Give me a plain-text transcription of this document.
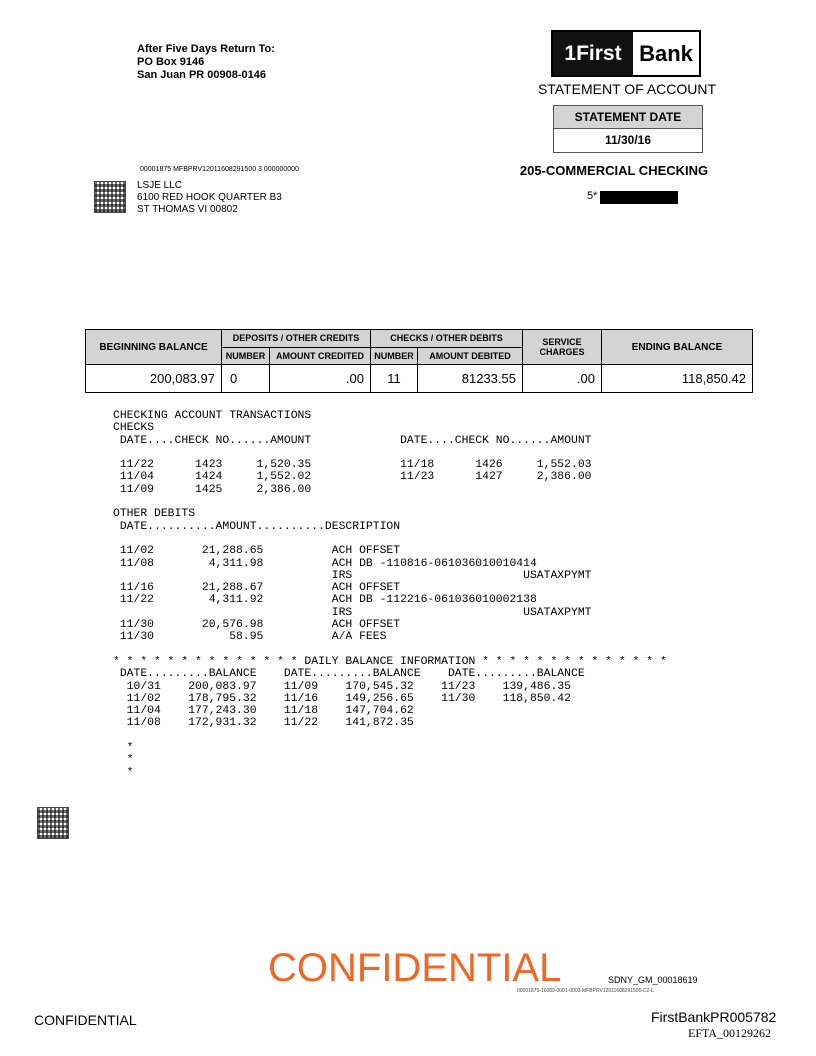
After Five Days Return To:
PO Box 9146
San Juan PR 00908-0146
1First Bank
STATEMENT OF ACCOUNT
STATEMENT DATE
11/30/16
205-COMMERCIAL CHECKING
5*
00001875 MFBPRV12011608291500 3 000000000
LSJE LLC
6100 RED HOOK QUARTER B3
ST THOMAS VI 00802
BEGINNING BALANCE	DEPOSITS / OTHER CREDITS		CHECKS / OTHER DEBITS		SERVICE CHARGES	ENDING BALANCE
	NUMBER	AMOUNT CREDITED	NUMBER	AMOUNT DEBITED		
200,083.97	0	.00	11	81233.55	.00	118,850.42
CHECKING ACCOUNT TRANSACTIONS
CHECKS
DATE....CHECK NO......AMOUNT             DATE....CHECK NO......AMOUNT
11/22      1423     1,520.35             11/18      1426     1,552.03
11/04      1424     1,552.02             11/23      1427     2,386.00
11/09      1425     2,386.00
OTHER DEBITS
DATE..........AMOUNT..........DESCRIPTION
11/02       21,288.65          ACH OFFSET
11/08        4,311.98          ACH DB -110816-061036010010414
IRS                         USATAXPYMT
11/16       21,288.67          ACH OFFSET
11/22        4,311.92          ACH DB -112216-061036010002138
IRS                         USATAXPYMT
11/30       20,576.98          ACH OFFSET
11/30           58.95          A/A FEES
* * * * * * * * * * * * * * DAILY BALANCE INFORMATION * * * * * * * * * * * * * *
DATE.........BALANCE    DATE.........BALANCE    DATE.........BALANCE
10/31    200,083.97    11/09    170,545.32    11/23    139,486.35
11/02    178,795.32    11/16    149,256.65    11/30    118,850.42
11/04    177,243.30    11/18    147,704.62
11/08    172,931.32    11/22    141,872.35
*
*
*
CONFIDENTIAL	SDNY_GM_00018619
00001875-16089-0001-0003-MFBPRV12011608291500-C2-L
CONFIDENTIAL	FirstBankPR005782
EFTA_00129262
